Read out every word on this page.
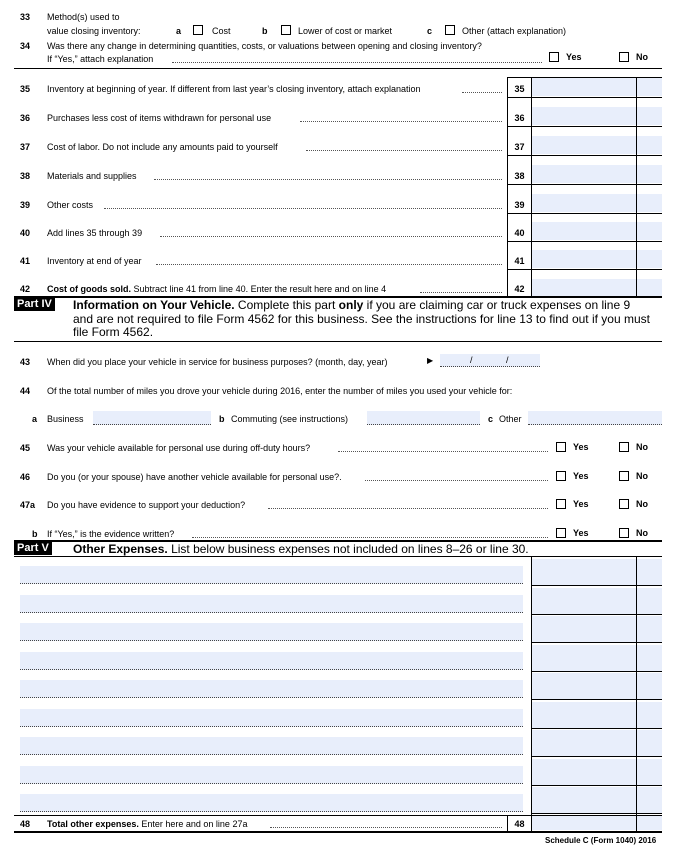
33 Method(s) used to
value closing inventory:	a	Cost	b	Lower of cost or market	c	Other (attach explanation)
34 Was there any change in determining quantities, costs, or valuations between opening and closing inventory?
If “Yes,” attach explanation	Yes	No
35 Inventory at beginning of year. If different from last year’s closing inventory, attach explanation	35
36 Purchases less cost of items withdrawn for personal use	36
37 Cost of labor. Do not include any amounts paid to yourself	37
38 Materials and supplies	38
39 Other costs	39
40 Add lines 35 through 39	40
41 Inventory at end of year	41
42 Cost of goods sold. Subtract line 41 from line 40. Enter the result here and on line 4	42
Part IV Information on Your Vehicle. Complete this part only if you are claiming car or truck expenses on line 9
and are not required to file Form 4562 for this business. See the instructions for line 13 to find out if you must
file Form 4562.
43 When did you place your vehicle in service for business purposes? (month, day, year)	▶	/	/
44 Of the total number of miles you drove your vehicle during 2016, enter the number of miles you used your vehicle for:
a Business	b Commuting (see instructions)	c Other
45 Was your vehicle available for personal use during off-duty hours?	Yes	No
46 Do you (or your spouse) have another vehicle available for personal use?.	Yes	No
47a Do you have evidence to support your deduction?	Yes	No
b If “Yes,” is the evidence written?	Yes	No
Part V Other Expenses. List below business expenses not included on lines 8–26 or line 30.
48 Total other expenses. Enter here and on line 27a	48
Schedule C (Form 1040) 2016
